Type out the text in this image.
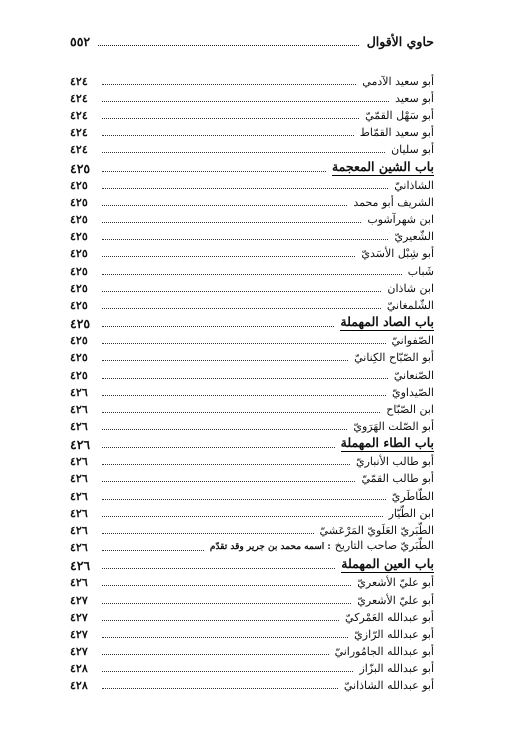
حاوي الأقوال
٥٥٢
أبو سعيد الآدمي
٤٢٤
أبو سعيد
٤٢٤
أبو سَهْل القمّيّ
٤٢٤
أبو سعيد القمّاط
٤٢٤
أبو سليان
٤٢٤
باب الشين المعجمة
٤٢٥
الشاذانيّ
٤٢٥
الشريف أبو محمد
٤٢٥
ابن شهرآشوب
٤٢٥
الشّعيريّ
٤٢٥
أبو شِبْل الأسَديّ
٤٢٥
شَباب
٤٢٥
ابن شاذان
٤٢٥
الشّلمغانيّ
٤٢٥
باب الصاد المهملة
٤٢٥
الصّفوانيّ
٤٢٥
أبو الصّبّاح الكِنانيّ
٤٢٥
الصّنعانيّ
٤٢٥
الصّيداويّ
٤٢٦
ابن الصّبّاح
٤٢٦
أبو الصّلت الهَرَويّ
٤٢٦
باب الطاء المهملة
٤٢٦
أبو طالب الأنباريّ
٤٢٦
أبو طالب القمّيّ
٤٢٦
الطّاطَريّ
٤٢٦
ابن الطّيّار
٤٢٦
الطّبَريّ العَلَويّ المَرْعَشيّ
٤٢٦
الطّبَريّ صاحب التاريخ: اسمه محمد بن جرير وقد تقدّم
٤٢٦
باب العين المهملة
٤٢٦
أبو عليّ الأشعريّ
٤٢٦
أبو عليّ الأشعريّ
٤٢٧
أبو عبدالله العَمْركيّ
٤٢٧
أبو عبدالله الرّازيّ
٤٢٧
أبو عبدالله الجامُورانيّ
٤٢٧
أبو عبدالله البزّاز
٤٢٨
أبو عبدالله الشاذانيّ
٤٢٨
